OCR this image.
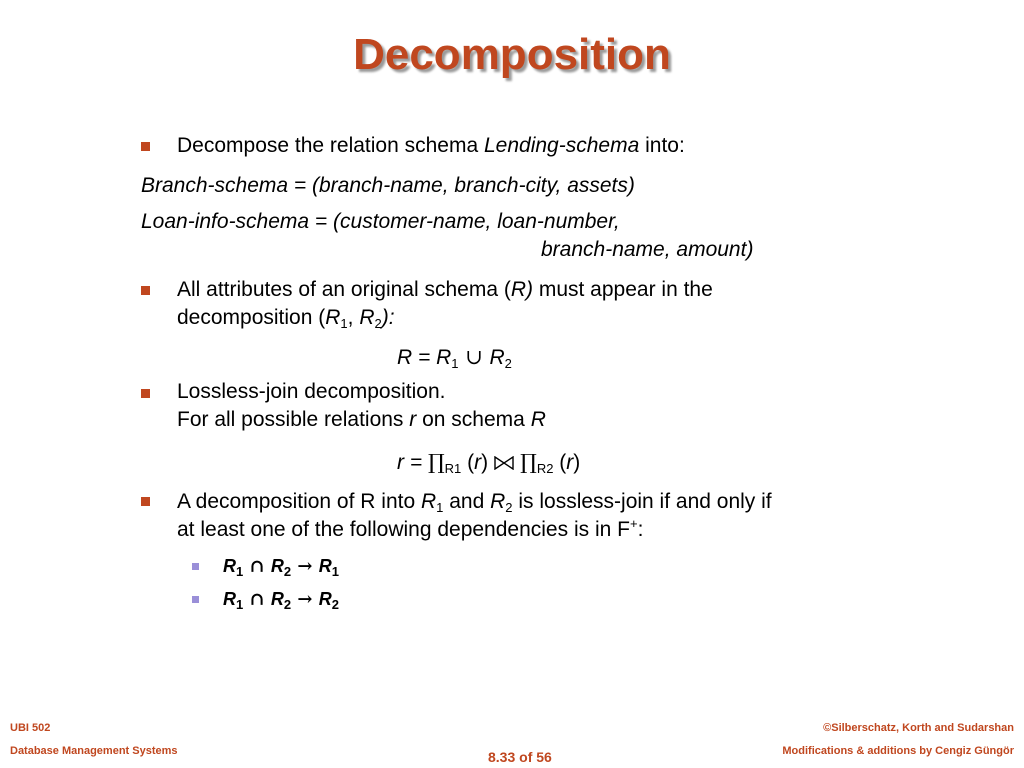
Decomposition
Decompose the relation schema Lending-schema into:
Branch-schema = (branch-name, branch-city, assets)
Loan-info-schema = (customer-name, loan-number,
branch-name, amount)
All attributes of an original schema (R) must appear in the
decomposition ($R_1$, $R_2$):
$R = R_1$ ∪ $R_2$
Lossless-join decomposition.
For all possible relations r on schema R
$r = \prod_{R1}$ (r) $\prod_{R2}$ (r)
A decomposition of R into $R_1$ and $R_2$ is lossless-join if and only if
at least one of the following dependencies is in F+:
$R_1$ ∩ $R_2 \to R_1$
$R_1$ ∩ $R_2 \to R_2$
UBI 502
Database Management Systems	8.33 of 56
©Silberschatz, Korth and Sudarshan
Modifications & additions by Cengiz Güngör
